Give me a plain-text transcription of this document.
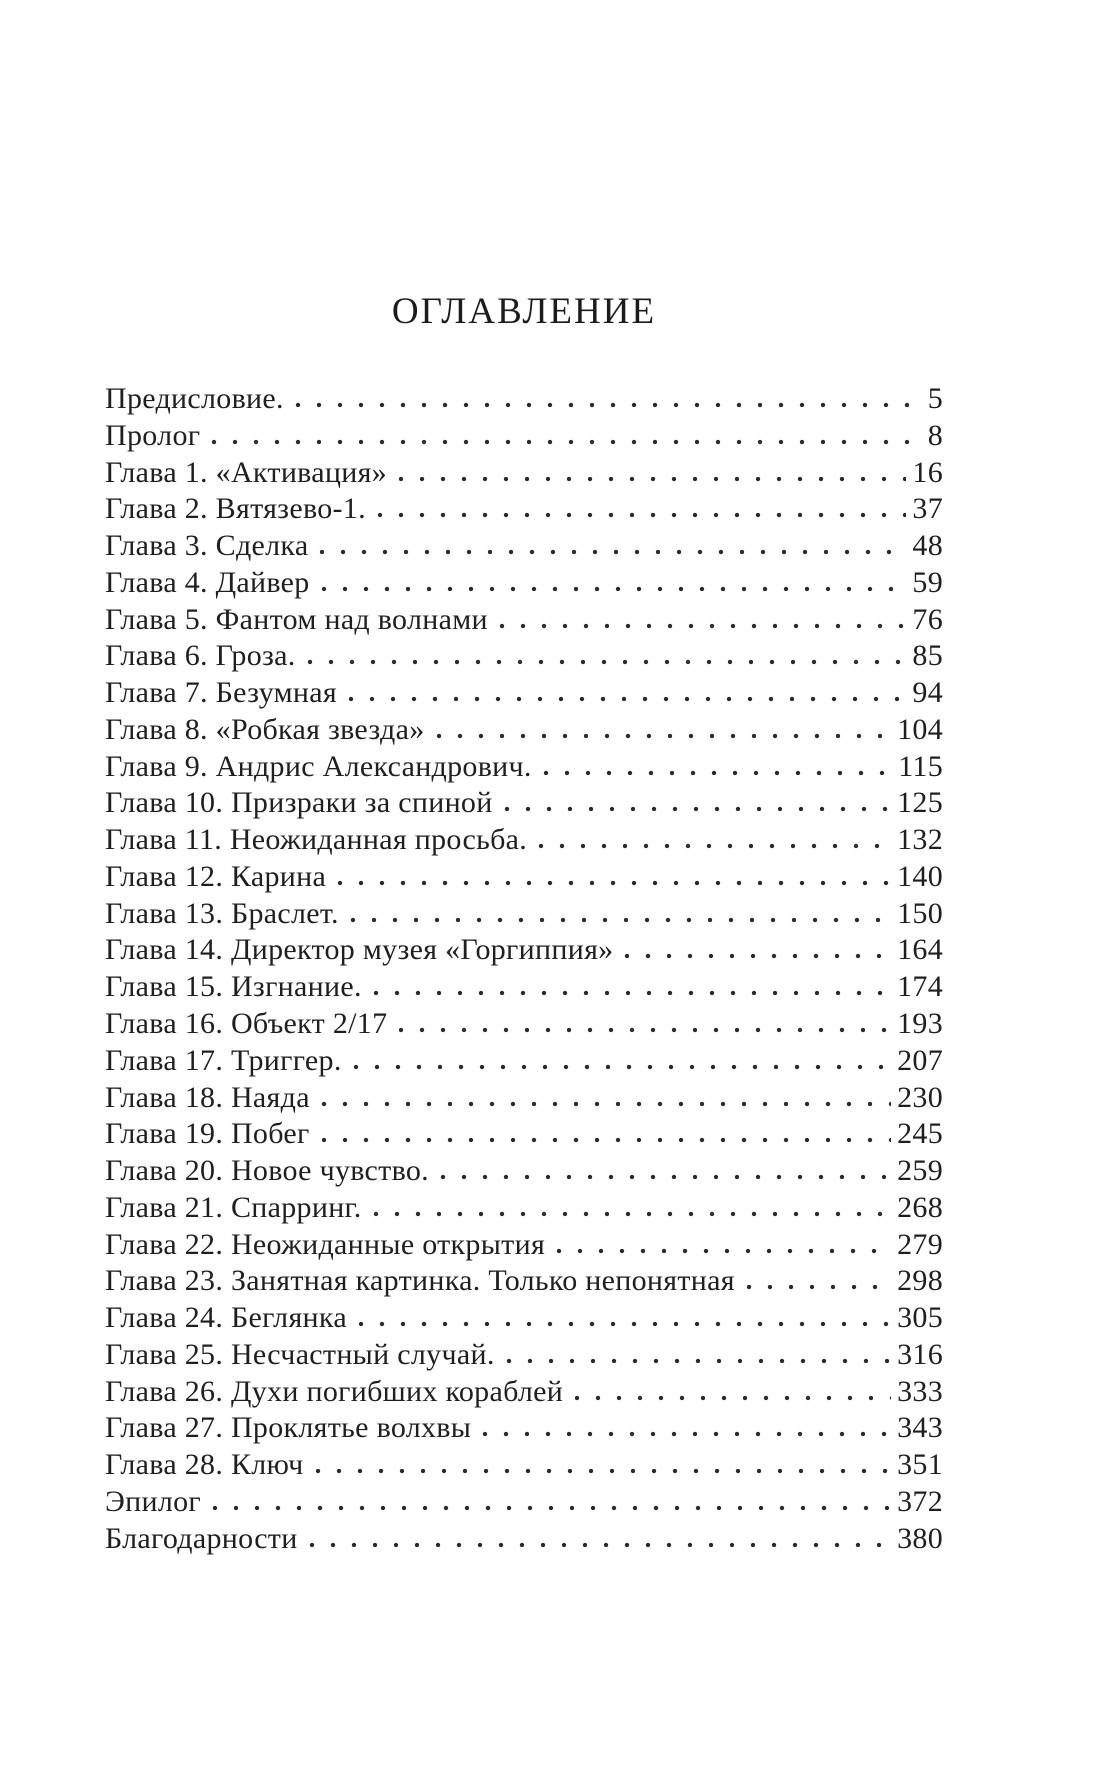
ОГЛАВЛЕНИЕ
Предисловие.	5
Пролог	8
Глава 1. «Активация»	16
Глава 2. Вятязево-1.	37
Глава 3. Сделка	48
Глава 4. Дайвер	59
Глава 5. Фантом над волнами	76
Глава 6. Гроза.	85
Глава 7. Безумная	94
Глава 8. «Робкая звезда»	104
Глава 9. Андрис Александрович.	115
Глава 10. Призраки за спиной	125
Глава 11. Неожиданная просьба.	132
Глава 12. Карина	140
Глава 13. Браслет.	150
Глава 14. Директор музея «Горгиппия»	164
Глава 15. Изгнание.	174
Глава 16. Объект 2/17	193
Глава 17. Триггер.	207
Глава 18. Наяда	230
Глава 19. Побег	245
Глава 20. Новое чувство.	259
Глава 21. Спарринг.	268
Глава 22. Неожиданные открытия	279
Глава 23. Занятная картинка. Только непонятная	298
Глава 24. Беглянка	305
Глава 25. Несчастный случай.	316
Глава 26. Духи погибших кораблей	333
Глава 27. Проклятье волхвы	343
Глава 28. Ключ	351
Эпилог	372
Благодарности	380
